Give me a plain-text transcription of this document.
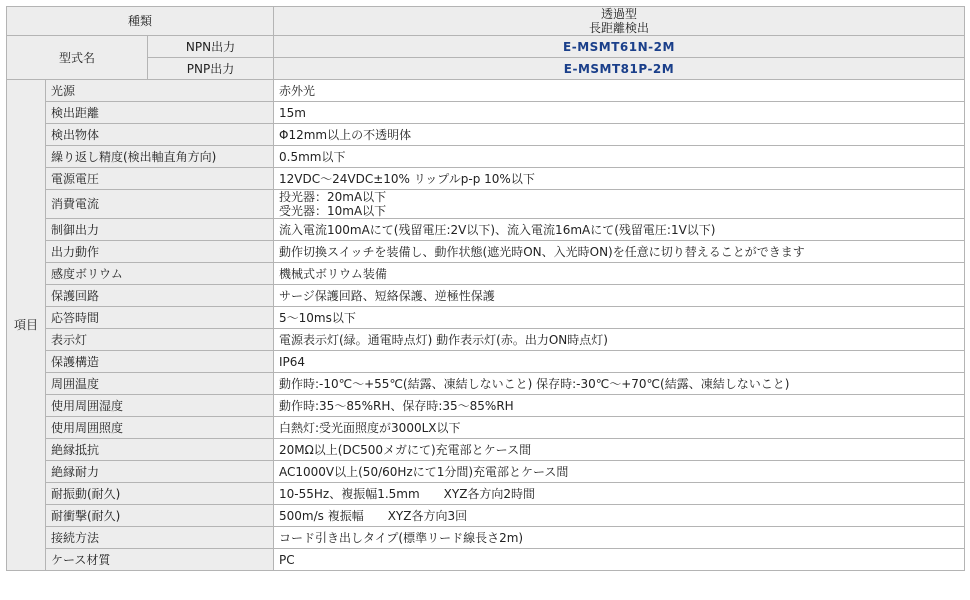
種類			透過型
長距離検出

型式名		NPN出力	E-MSMT61N-2M
		PNP出力	E-MSMT81P-2M
項目	光源		赤外光
	検出距離		15m
	検出物体		Φ12mm以上の不透明体
	繰り返し精度(検出軸直角方向)		0.5mm以下
	電源電圧		12VDC～24VDC±10% リップルp-p 10%以下
	消費電流		投光器：20mA以下
受光器：10mA以下

	制御出力		流入電流100mAにて(残留電圧:2V以下)、流入電流16mAにて(残留電圧:1V以下)
	出力動作		動作切換スイッチを装備し、動作状態(遮光時ON、入光時ON)を任意に切り替えることができます
	感度ボリウム		機械式ボリウム装備
	保護回路		サージ保護回路、短絡保護、逆極性保護
	応答時間		5～10ms以下
	表示灯		電源表示灯(緑。通電時点灯) 動作表示灯(赤。出力ON時点灯)
	保護構造		IP64
	周囲温度		動作時:-10℃～+55℃(結露、凍結しないこと) 保存時:-30℃～+70℃(結露、凍結しないこと)
	使用周囲湿度		動作時:35～85%RH、保存時:35～85%RH
	使用周囲照度		白熱灯:受光面照度が3000LX以下
	絶縁抵抗		20MΩ以上(DC500メガにて)充電部とケース間
	絶縁耐力		AC1000V以上(50/60Hzにて1分間)充電部とケース間
	耐振動(耐久)		10-55Hz、複振幅1.5mm　　XYZ各方向2時間
	耐衝撃(耐久)		500m/s 複振幅　　XYZ各方向3回
	接続方法		コード引き出しタイプ(標準リード線長さ2m)
	ケース材質		PC
